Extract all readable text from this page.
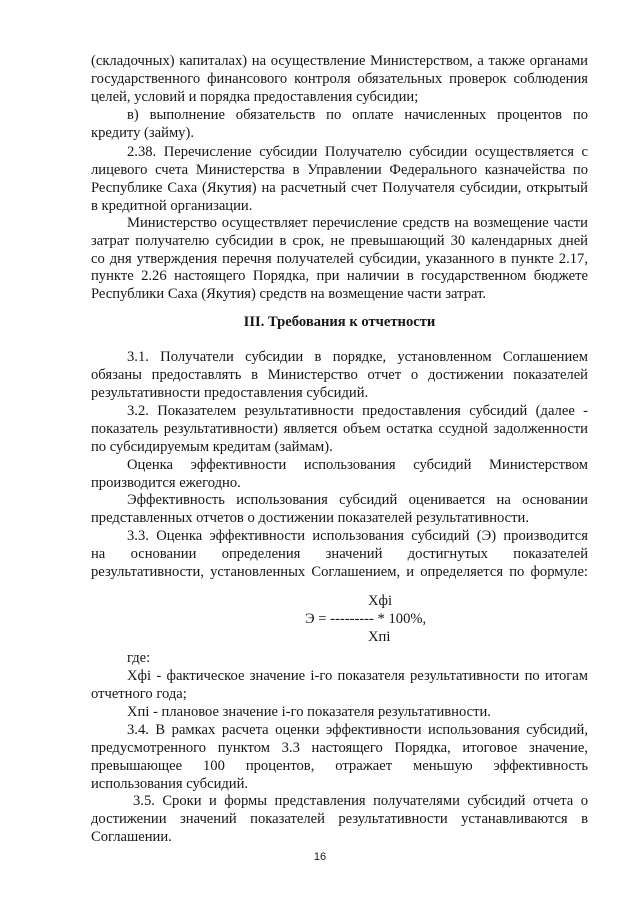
(складочных) капиталах) на осуществление Министерством, а также органами
государственного финансового контроля обязательных проверок соблюдения
целей, условий и порядка предоставления субсидии;
в) выполнение обязательств по оплате начисленных процентов по
кредиту (займу).
2.38. Перечисление субсидии Получателю субсидии осуществляется с
лицевого счета Министерства в Управлении Федерального казначейства по
Республике Саха (Якутия) на расчетный счет Получателя субсидии, открытый
в кредитной организации.
Министерство осуществляет перечисление средств на возмещение части
затрат получателю субсидии в срок, не превышающий 30 календарных дней
со дня утверждения перечня получателей субсидии, указанного в пункте 2.17,
пункте 2.26 настоящего Порядка, при наличии в государственном бюджете
Республики Саха (Якутия) средств на возмещение части затрат.
III. Требования к отчетности
3.1. Получатели субсидии в порядке, установленном Соглашением
обязаны предоставлять в Министерство отчет о достижении показателей
результативности предоставления субсидий.
3.2. Показателем результативности предоставления субсидий (далее -
показатель результативности) является объем остатка ссудной задолженности
по субсидируемым кредитам (займам).
Оценка эффективности использования субсидий Министерством
производится ежегодно.
Эффективность использования субсидий оценивается на основании
представленных отчетов о достижении показателей результативности.
3.3. Оценка эффективности использования субсидий (Э) производится
на основании определения значений достигнутых показателей
результативности, установленных Соглашением, и определяется по формуле:
Хфi
Э = --------- * 100%,
Хпi
где:
Хфi - фактическое значение i-го показателя результативности по итогам
отчетного года;
Хпi - плановое значение i-го показателя результативности.
3.4. В рамках расчета оценки эффективности использования субсидий,
предусмотренного пунктом 3.3 настоящего Порядка, итоговое значение,
превышающее 100 процентов, отражает меньшую эффективность
использования субсидий.
3.5. Сроки и формы представления получателями субсидий отчета о
достижении значений показателей результативности устанавливаются в
Соглашении.
16
